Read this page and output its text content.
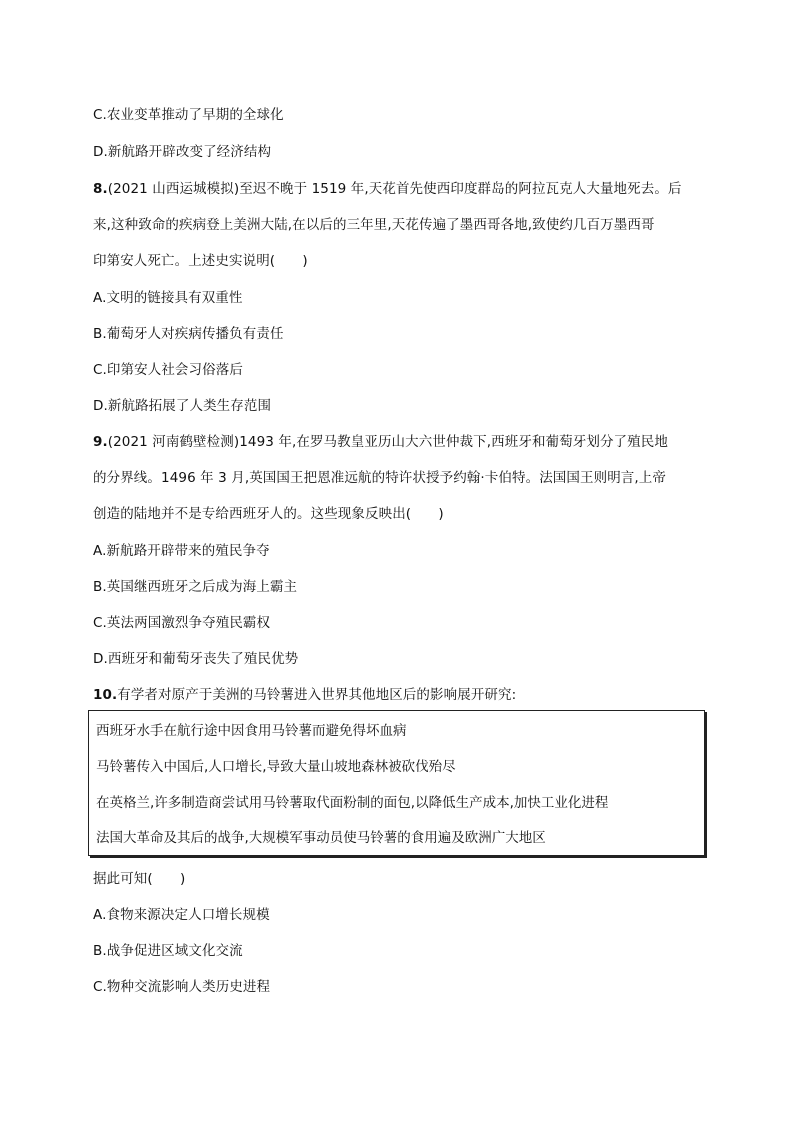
C.农业变革推动了早期的全球化
D.新航路开辟改变了经济结构
8.(2021 山西运城模拟)至迟不晚于 1519 年,天花首先使西印度群岛的阿拉瓦克人大量地死去。后
来,这种致命的疾病登上美洲大陆,在以后的三年里,天花传遍了墨西哥各地,致使约几百万墨西哥
印第安人死亡。上述史实说明(　　)
A.文明的链接具有双重性
B.葡萄牙人对疾病传播负有责任
C.印第安人社会习俗落后
D.新航路拓展了人类生存范围
9.(2021 河南鹤壁检测)1493 年,在罗马教皇亚历山大六世仲裁下,西班牙和葡萄牙划分了殖民地
的分界线。1496 年 3 月,英国国王把恩准远航的特许状授予约翰·卡伯特。法国国王则明言,上帝
创造的陆地并不是专给西班牙人的。这些现象反映出(　　)
A.新航路开辟带来的殖民争夺
B.英国继西班牙之后成为海上霸主
C.英法两国激烈争夺殖民霸权
D.西班牙和葡萄牙丧失了殖民优势
10.有学者对原产于美洲的马铃薯进入世界其他地区后的影响展开研究:
据此可知(　　)
A.食物来源决定人口增长规模
B.战争促进区域文化交流
C.物种交流影响人类历史进程
西班牙水手在航行途中因食用马铃薯而避免得坏血病
马铃薯传入中国后,人口增长,导致大量山坡地森林被砍伐殆尽
在英格兰,许多制造商尝试用马铃薯取代面粉制的面包,以降低生产成本,加快工业化进程
法国大革命及其后的战争,大规模军事动员使马铃薯的食用遍及欧洲广大地区
